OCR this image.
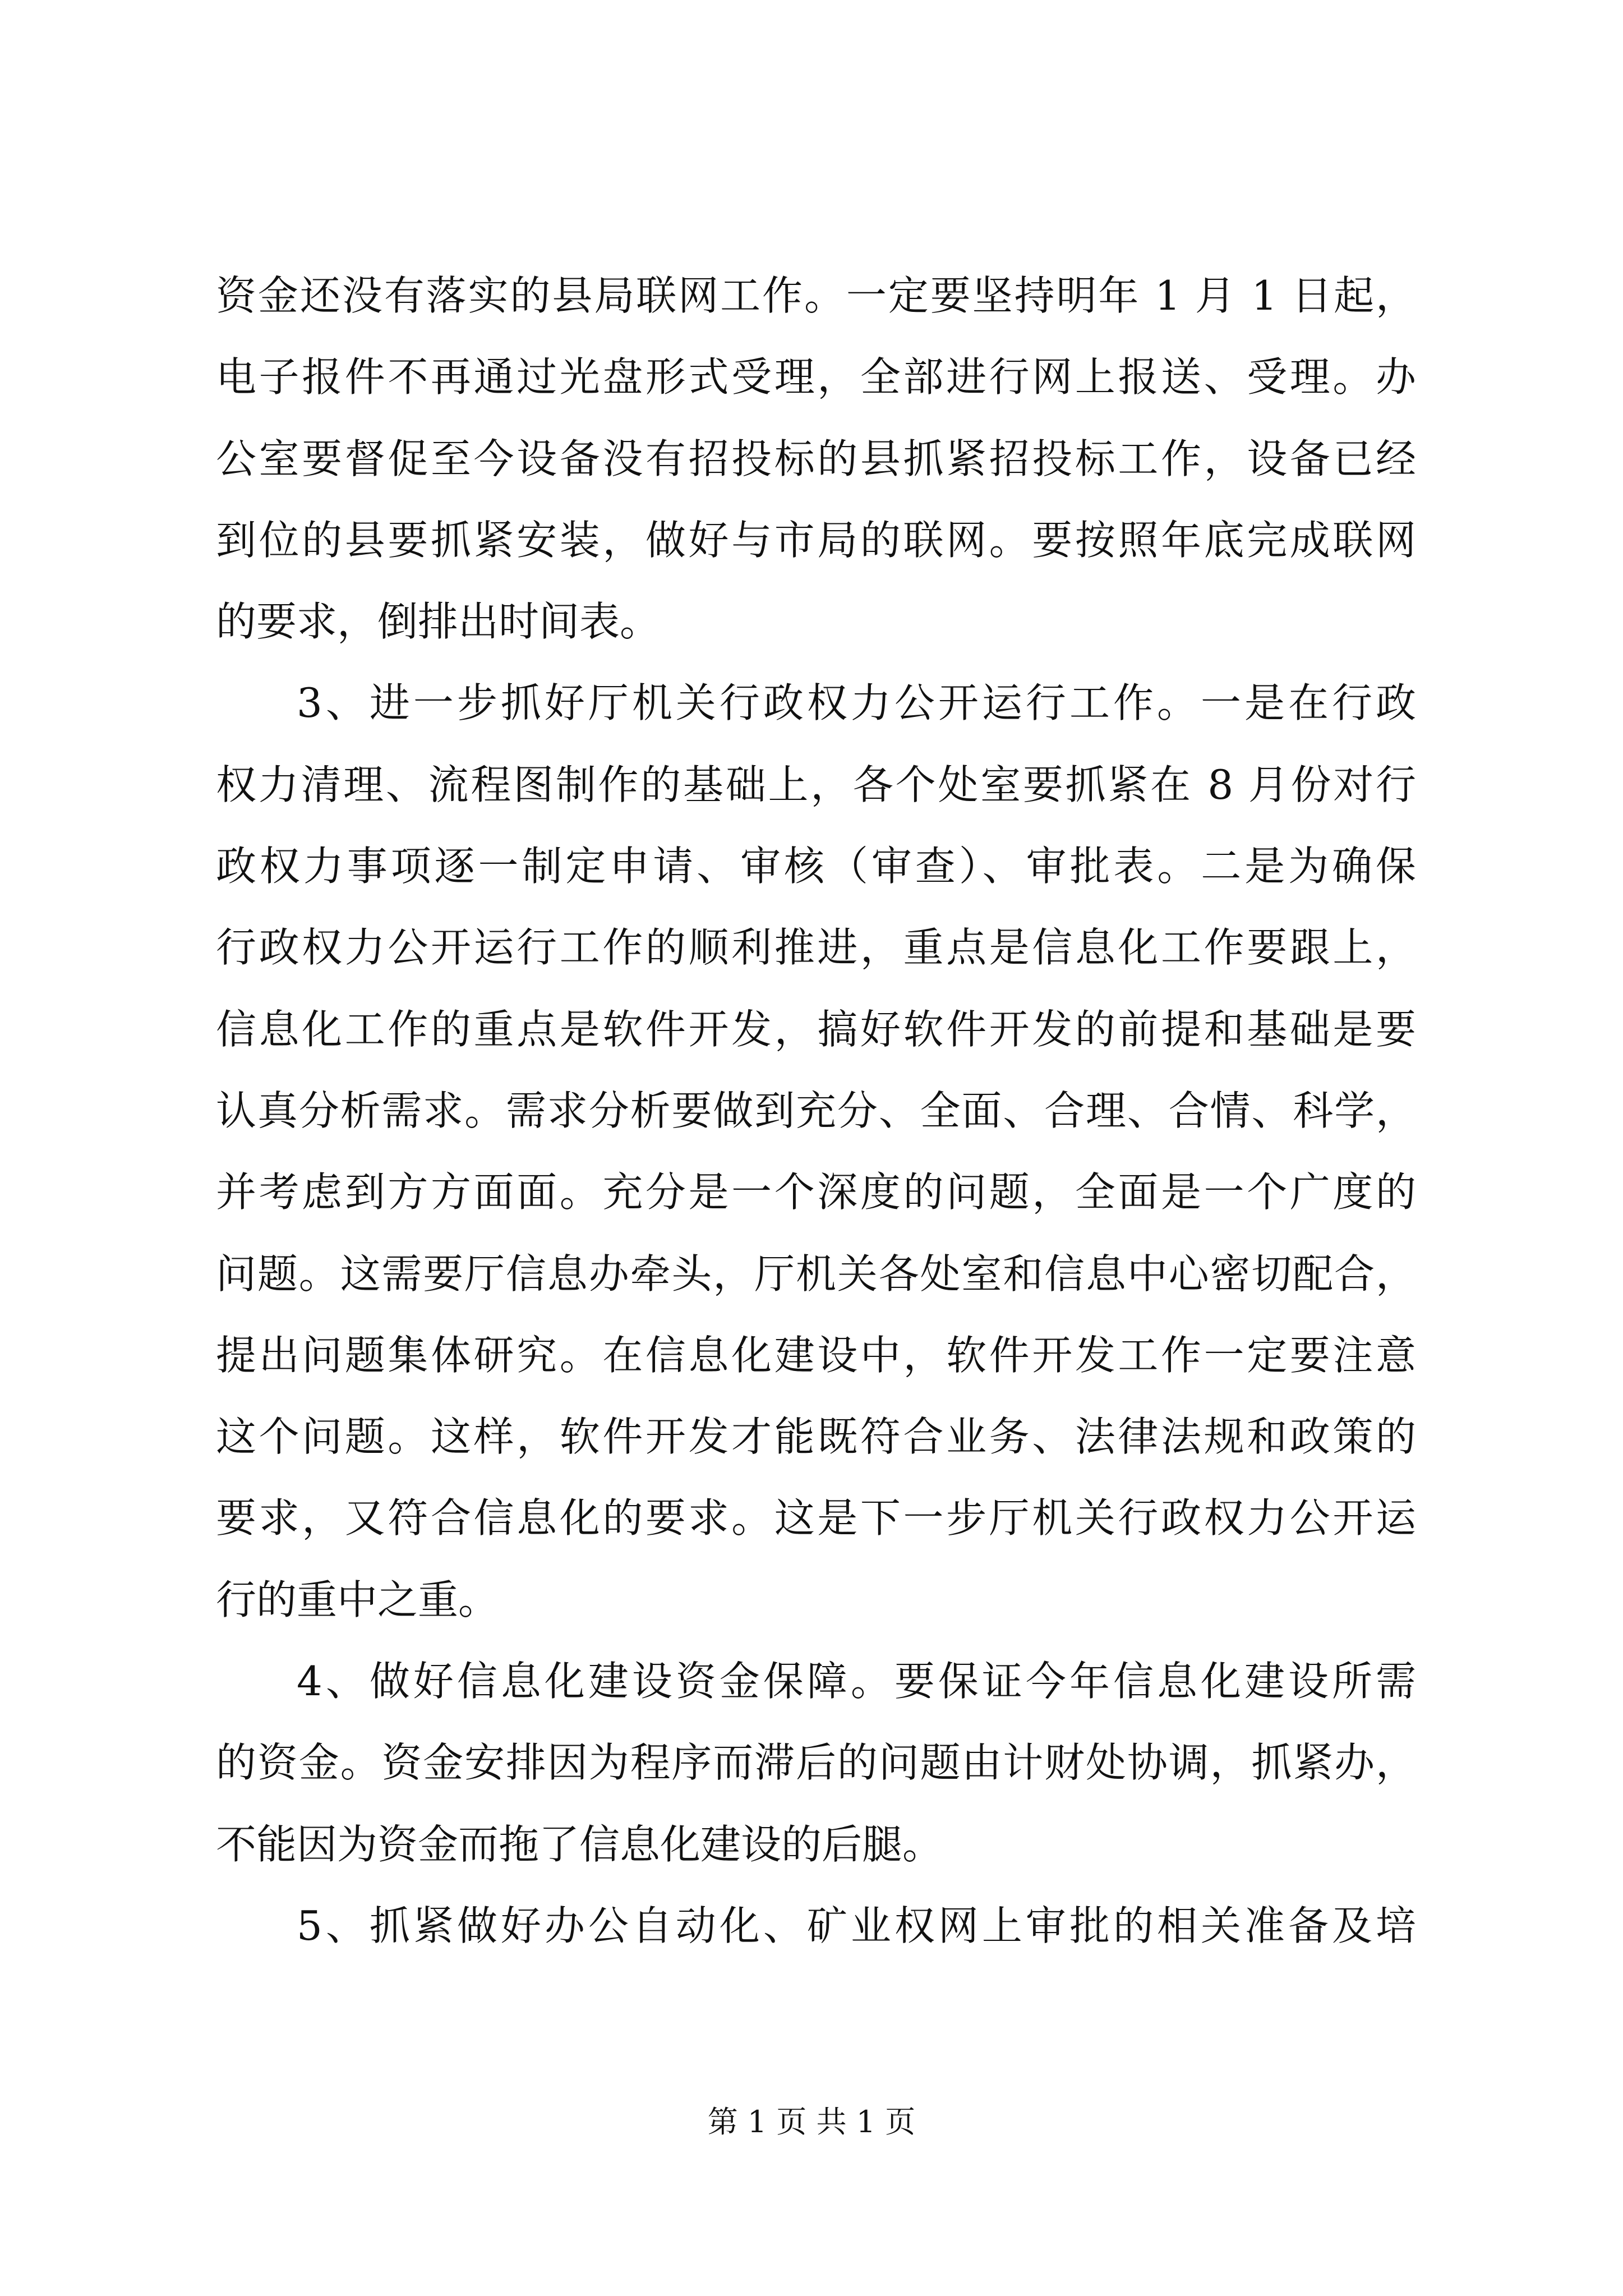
资金还没有落实的县局联网工作。一定要坚持明年 1 月 1 日起，
电子报件不再通过光盘形式受理，全部进行网上报送、受理。办
公室要督促至今设备没有招投标的县抓紧招投标工作，设备已经
到位的县要抓紧安装，做好与市局的联网。要按照年底完成联网
的要求，倒排出时间表。
3、进一步抓好厅机关行政权力公开运行工作。一是在行政
权力清理、流程图制作的基础上，各个处室要抓紧在 8 月份对行
政权力事项逐一制定申请、审核（审查）、审批表。二是为确保
行政权力公开运行工作的顺利推进，重点是信息化工作要跟上，
信息化工作的重点是软件开发，搞好软件开发的前提和基础是要
认真分析需求。需求分析要做到充分、全面、合理、合情、科学，
并考虑到方方面面。充分是一个深度的问题，全面是一个广度的
问题。这需要厅信息办牵头，厅机关各处室和信息中心密切配合，
提出问题集体研究。在信息化建设中，软件开发工作一定要注意
这个问题。这样，软件开发才能既符合业务、法律法规和政策的
要求，又符合信息化的要求。这是下一步厅机关行政权力公开运
行的重中之重。
4、做好信息化建设资金保障。要保证今年信息化建设所需
的资金。资金安排因为程序而滞后的问题由计财处协调，抓紧办，
不能因为资金而拖了信息化建设的后腿。
5、抓紧做好办公自动化、矿业权网上审批的相关准备及培
第 1 页 共 1 页
